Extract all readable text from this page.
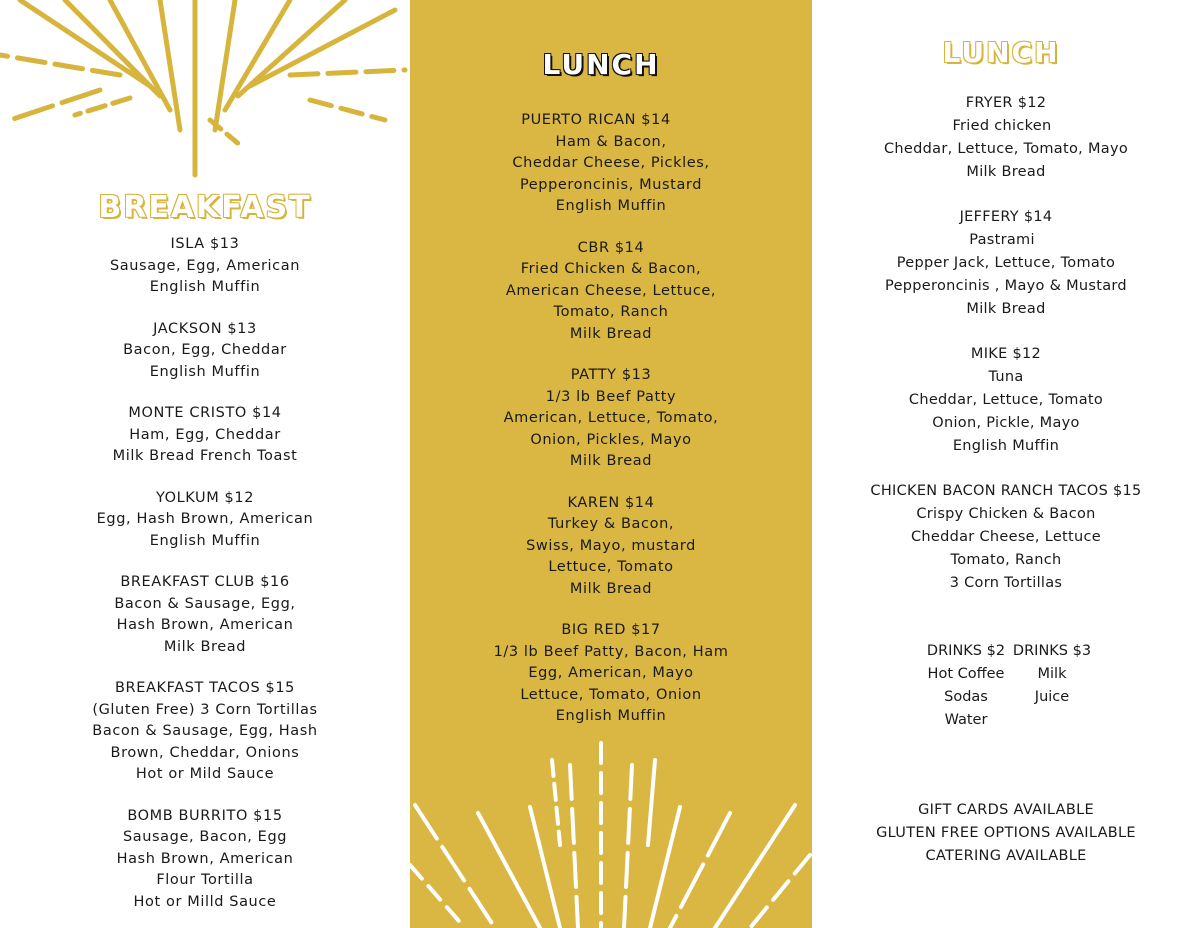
BREAKFAST
ISLA $13
Sausage, Egg, American
English Muffin
JACKSON $13
Bacon, Egg, Cheddar
English Muffin
MONTE CRISTO $14
Ham, Egg, Cheddar
Milk Bread French Toast
YOLKUM $12
Egg, Hash Brown, American
English Muffin
BREAKFAST CLUB $16
Bacon & Sausage, Egg,
Hash Brown, American
Milk Bread
BREAKFAST TACOS $15
(Gluten Free) 3 Corn Tortillas
Bacon & Sausage, Egg, Hash
Brown, Cheddar, Onions
Hot or Mild Sauce
BOMB BURRITO $15
Sausage, Bacon, Egg
Hash Brown, American
Flour Tortilla
Hot or Milld Sauce
LUNCH
PUERTO RICAN $14
Ham & Bacon,
Cheddar Cheese, Pickles,
Pepperoncinis, Mustard
English Muffin
CBR $14
Fried Chicken & Bacon,
American Cheese, Lettuce,
Tomato, Ranch
Milk Bread
PATTY $13
1/3 lb Beef Patty
American, Lettuce, Tomato,
Onion, Pickles, Mayo
Milk Bread
KAREN $14
Turkey & Bacon,
Swiss, Mayo, mustard
Lettuce, Tomato
Milk Bread
BIG RED $17
1/3 lb Beef Patty, Bacon, Ham
Egg, American, Mayo
Lettuce, Tomato, Onion
English Muffin
LUNCH
FRYER $12
Fried chicken
Cheddar, Lettuce, Tomato, Mayo
Milk Bread
JEFFERY $14
Pastrami
Pepper Jack, Lettuce, Tomato
Pepperoncinis , Mayo & Mustard
Milk Bread
MIKE $12
Tuna
Cheddar, Lettuce, Tomato
Onion, Pickle, Mayo
English Muffin
CHICKEN BACON RANCH TACOS $15
Crispy Chicken & Bacon
Cheddar Cheese, Lettuce
Tomato, Ranch
3 Corn Tortillas
DRINKS $2
Hot Coffee
Sodas
Water
DRINKS $3
Milk
Juice
GIFT CARDS AVAILABLE
GLUTEN FREE OPTIONS AVAILABLE
CATERING AVAILABLE
